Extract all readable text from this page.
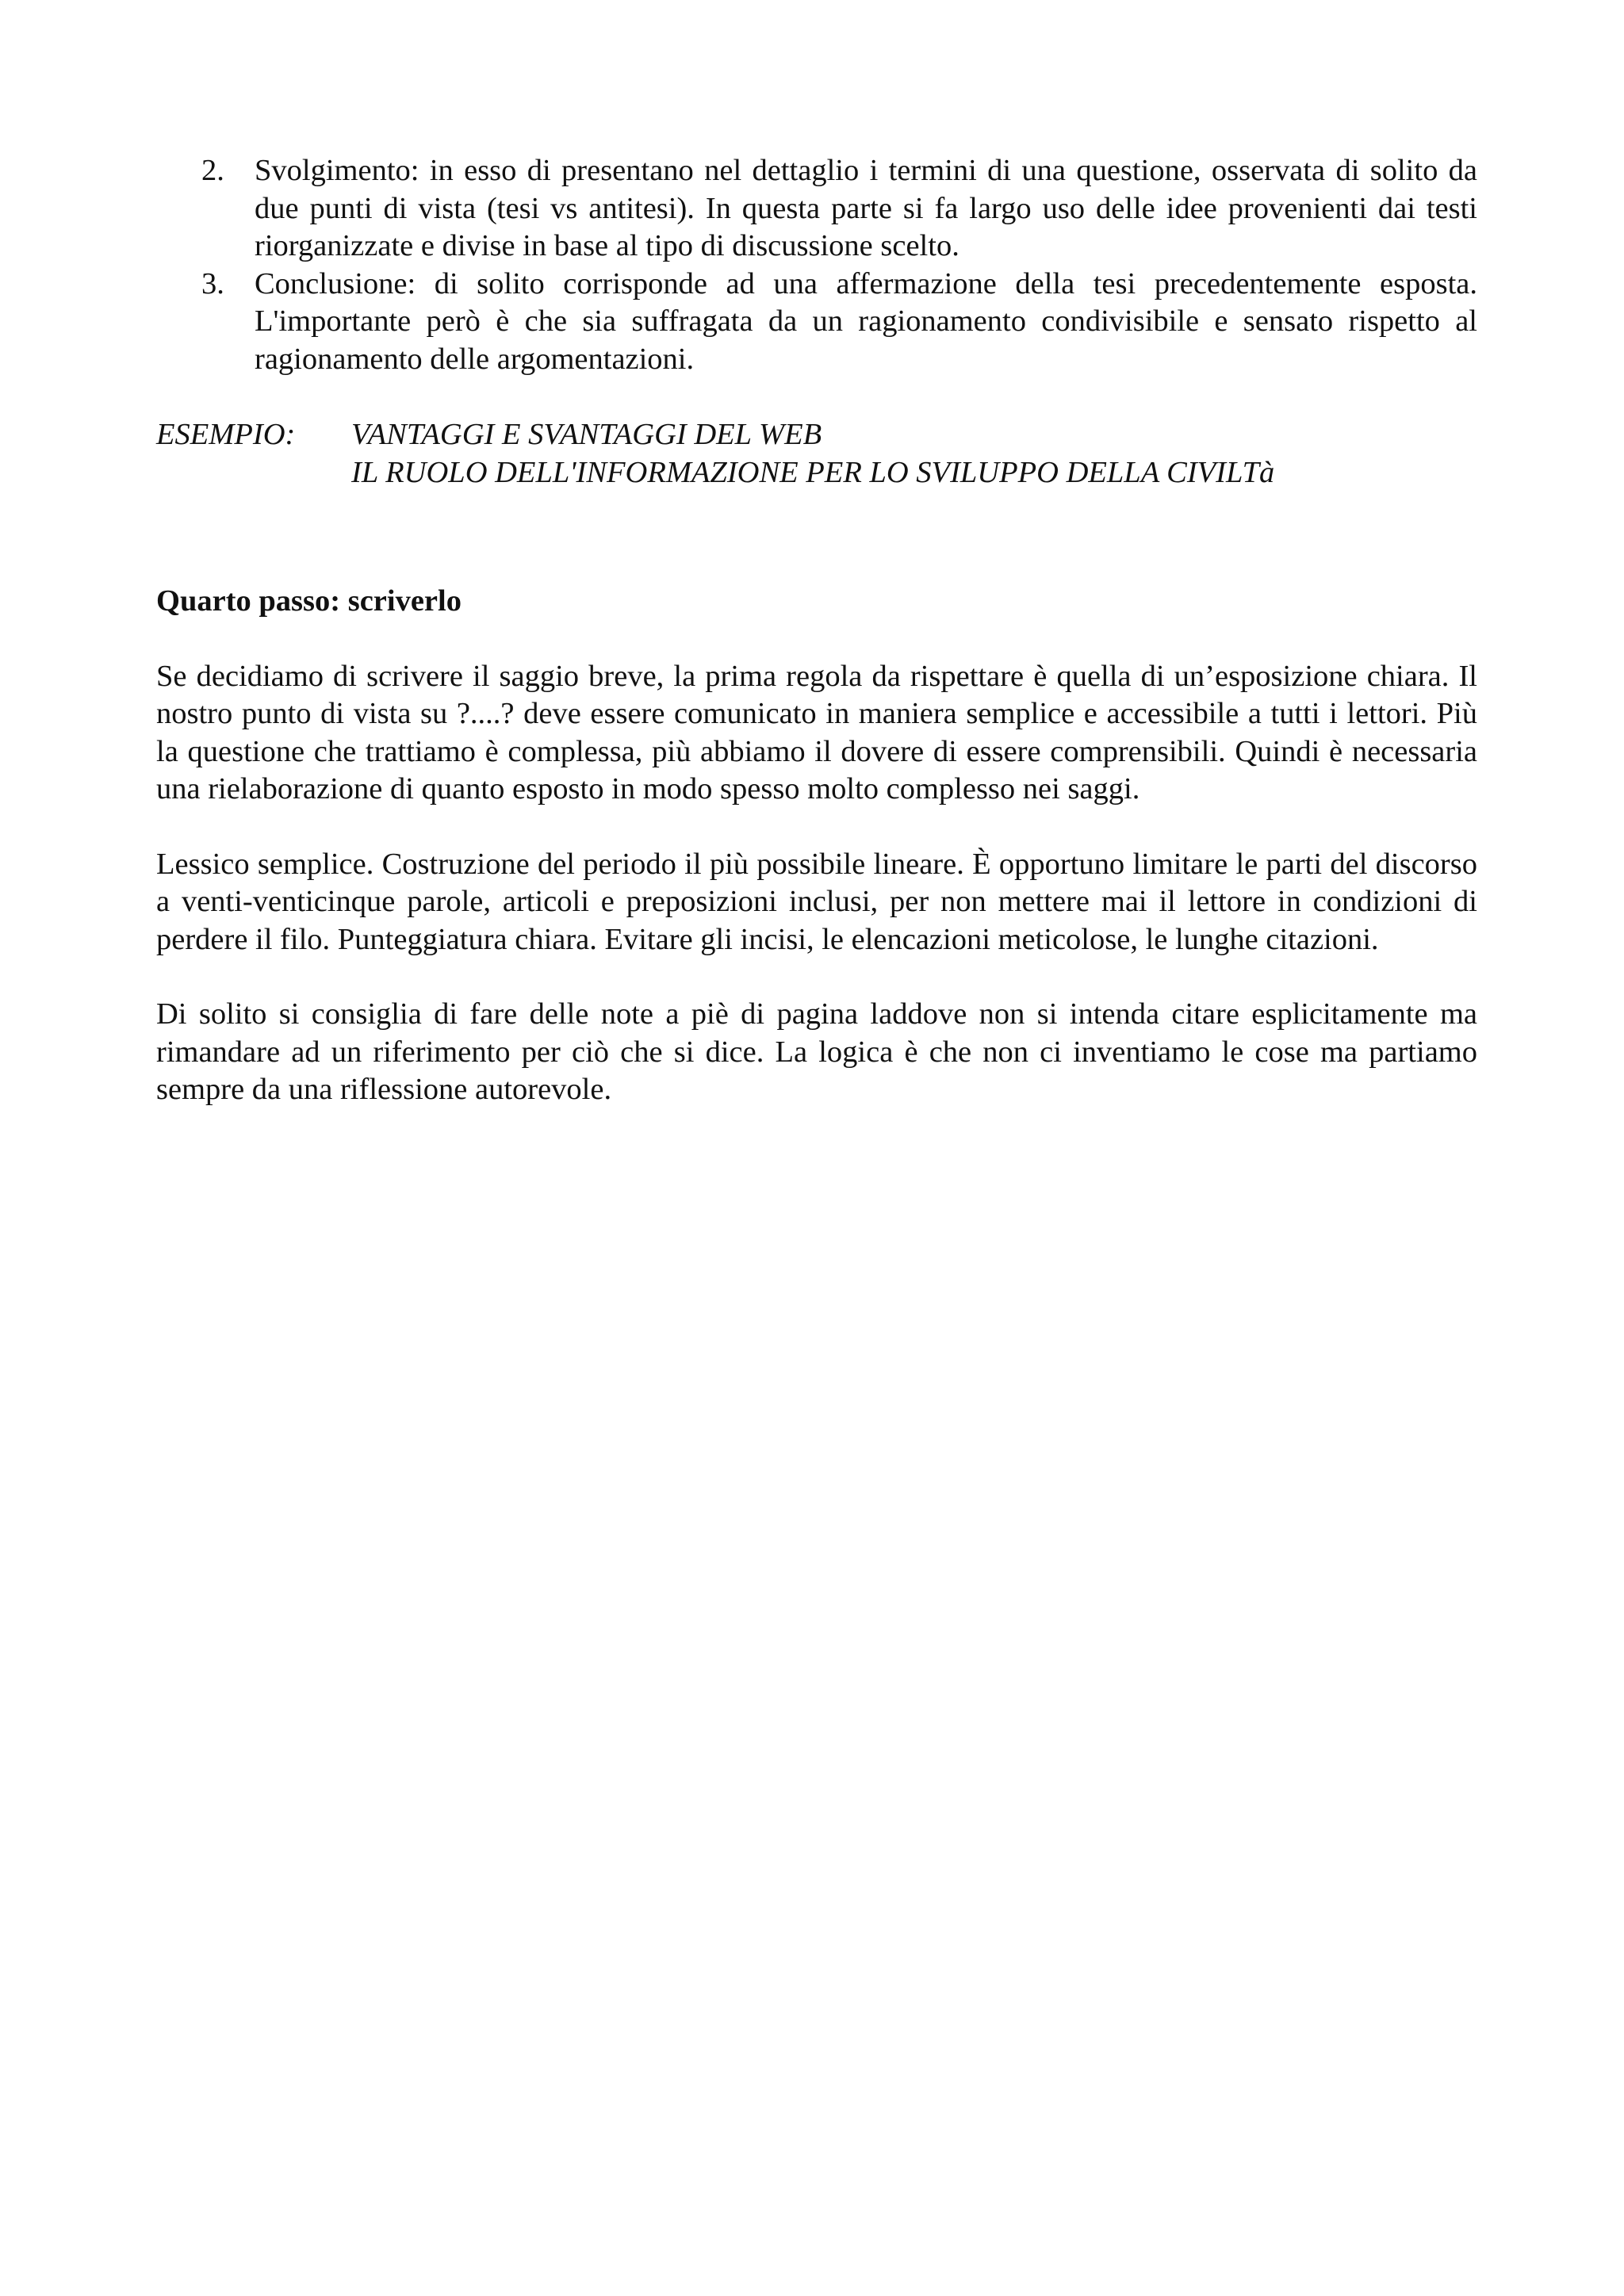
2. Svolgimento: in esso di presentano nel dettaglio i termini di una questione, osservata di solito da due punti di vista (tesi vs antitesi). In questa parte si fa largo uso delle idee provenienti dai testi riorganizzate e divise in base al tipo di discussione scelto.
3. Conclusione: di solito corrisponde ad una affermazione della tesi precedentemente esposta. L'importante però è che sia suffragata da un ragionamento condivisibile e sensato rispetto al ragionamento delle argomentazioni.
ESEMPIO: VANTAGGI E SVANTAGGI DEL WEB
IL RUOLO DELL'INFORMAZIONE PER LO SVILUPPO DELLA CIVILTà
Quarto passo: scriverlo

Se decidiamo di scrivere il saggio breve, la prima regola da rispettare è quella di un’esposizione chiara. Il nostro punto di vista su ?....? deve essere comunicato in maniera semplice e accessibile a tutti i lettori. Più la questione che trattiamo è complessa, più abbiamo il dovere di essere comprensibili. Quindi è necessaria una rielaborazione di quanto esposto in modo spesso molto complesso nei saggi.

Lessico semplice. Costruzione del periodo il più possibile lineare. È opportuno limitare le parti del discorso a venti-venticinque parole, articoli e preposizioni inclusi, per non mettere mai il lettore in condizioni di perdere il filo. Punteggiatura chiara. Evitare gli incisi, le elencazioni meticolose, le lunghe citazioni.

Di solito si consiglia di fare delle note a piè di pagina laddove non si intenda citare esplicitamente ma rimandare ad un riferimento per ciò che si dice. La logica è che non ci inventiamo le cose ma partiamo sempre da una riflessione autorevole.
